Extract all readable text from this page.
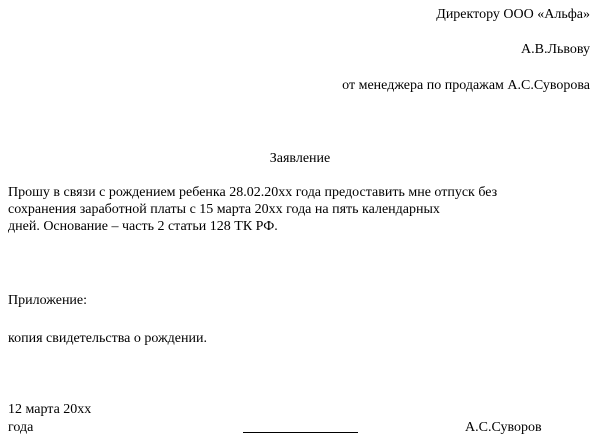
Директору ООО «Альфа»
А.В.Львову
от менеджера по продажам А.С.Суворова
Заявление
Прошу в связи с рождением ребенка 28.02.20хх года предоставить мне отпуск без
сохранения заработной платы с 15 марта 20хх года на пять календарных
дней. Основание – часть 2 статьи 128 ТК РФ.
Приложение:
копия свидетельства о рождении.
12 марта 20хх
года	А.С.Суворов
